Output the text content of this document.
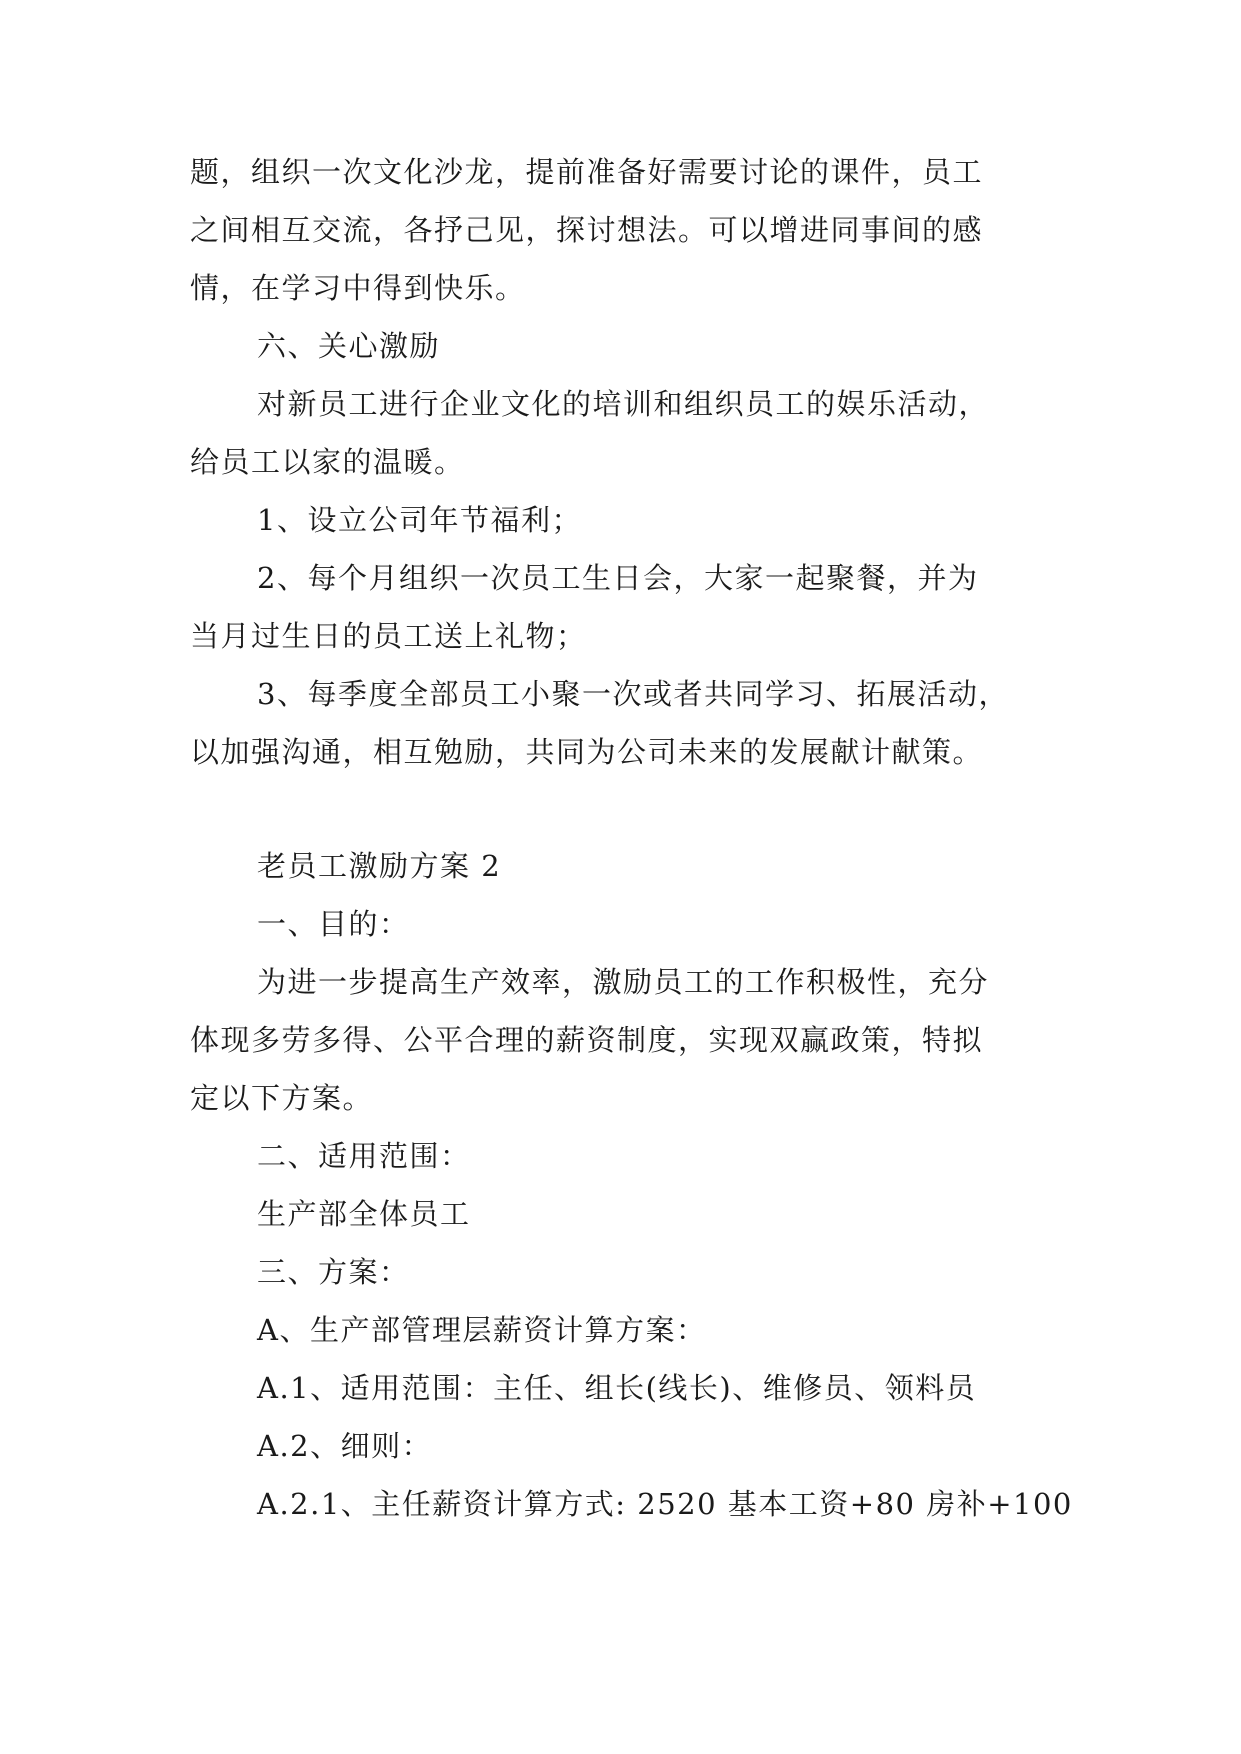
题，组织一次文化沙龙，提前准备好需要讨论的课件，员工
之间相互交流，各抒己见，探讨想法。可以增进同事间的感
情，在学习中得到快乐。
六、关心激励
对新员工进行企业文化的培训和组织员工的娱乐活动，
给员工以家的温暖。
1、设立公司年节福利；
2、每个月组织一次员工生日会，大家一起聚餐，并为
当月过生日的员工送上礼物；
3、每季度全部员工小聚一次或者共同学习、拓展活动，
以加强沟通，相互勉励，共同为公司未来的发展献计献策。
老员工激励方案 2
一、目的：
为进一步提高生产效率，激励员工的工作积极性，充分
体现多劳多得、公平合理的薪资制度，实现双赢政策，特拟
定以下方案。
二、适用范围：
生产部全体员工
三、方案：
A、生产部管理层薪资计算方案：
A.1、适用范围：主任、组长(线长)、维修员、领料员
A.2、细则：
A.2.1、主任薪资计算方式: 2520 基本工资+80 房补+100
